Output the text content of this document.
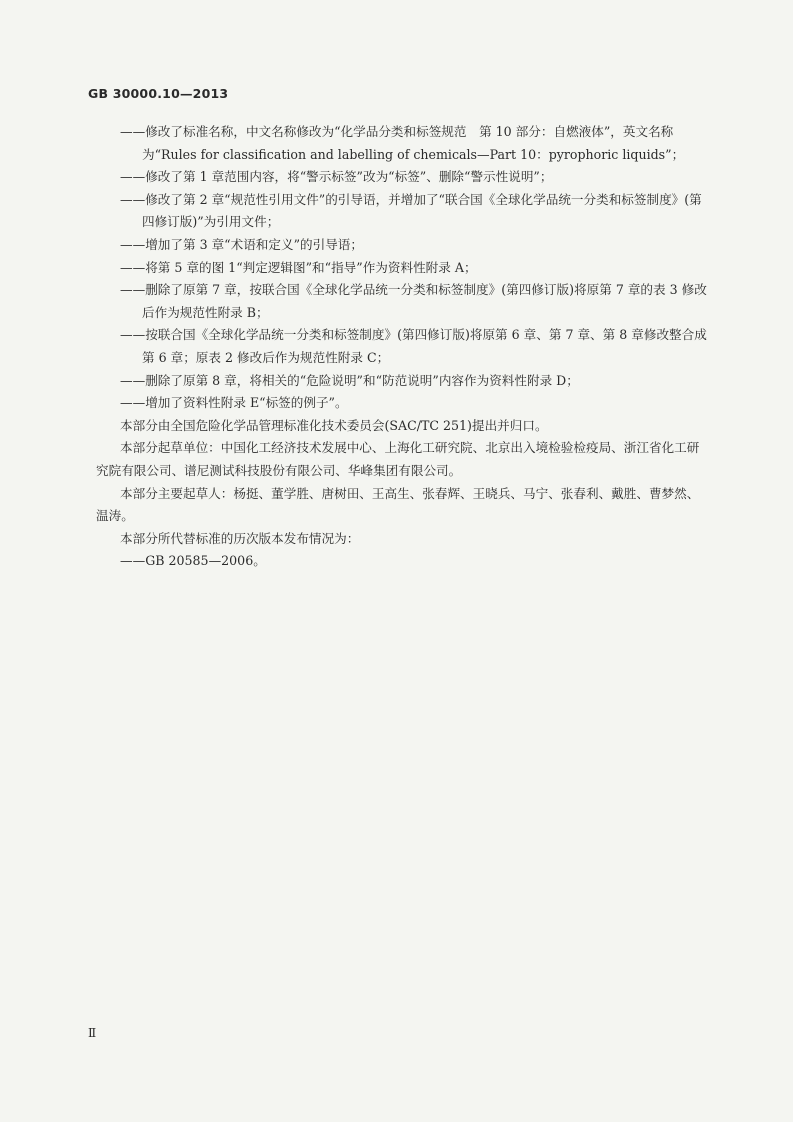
GB 30000.10—2013
——修改了标准名称，中文名称修改为“化学品分类和标签规范　第 10 部分：自燃液体”，英文名称为“Rules for classification and labelling of chemicals—Part 10：pyrophoric liquids”；
——修改了第 1 章范围内容，将“警示标签”改为“标签”、删除“警示性说明”；
——修改了第 2 章“规范性引用文件”的引导语，并增加了“联合国《全球化学品统一分类和标签制度》(第四修订版)”为引用文件；
——增加了第 3 章“术语和定义”的引导语；
——将第 5 章的图 1“判定逻辑图”和“指导”作为资料性附录 A；
——删除了原第 7 章，按联合国《全球化学品统一分类和标签制度》(第四修订版)将原第 7 章的表 3 修改后作为规范性附录 B；
——按联合国《全球化学品统一分类和标签制度》(第四修订版)将原第 6 章、第 7 章、第 8 章修改整合成第 6 章；原表 2 修改后作为规范性附录 C；
——删除了原第 8 章，将相关的“危险说明”和“防范说明”内容作为资料性附录 D；
——增加了资料性附录 E“标签的例子”。
本部分由全国危险化学品管理标准化技术委员会(SAC/TC 251)提出并归口。
本部分起草单位：中国化工经济技术发展中心、上海化工研究院、北京出入境检验检疫局、浙江省化工研究院有限公司、谱尼测试科技股份有限公司、华峰集团有限公司。
本部分主要起草人：杨挺、董学胜、唐树田、王高生、张春辉、王晓兵、马宁、张春利、戴胜、曹梦然、温涛。
本部分所代替标准的历次版本发布情况为：
——GB 20585—2006。
Ⅱ
